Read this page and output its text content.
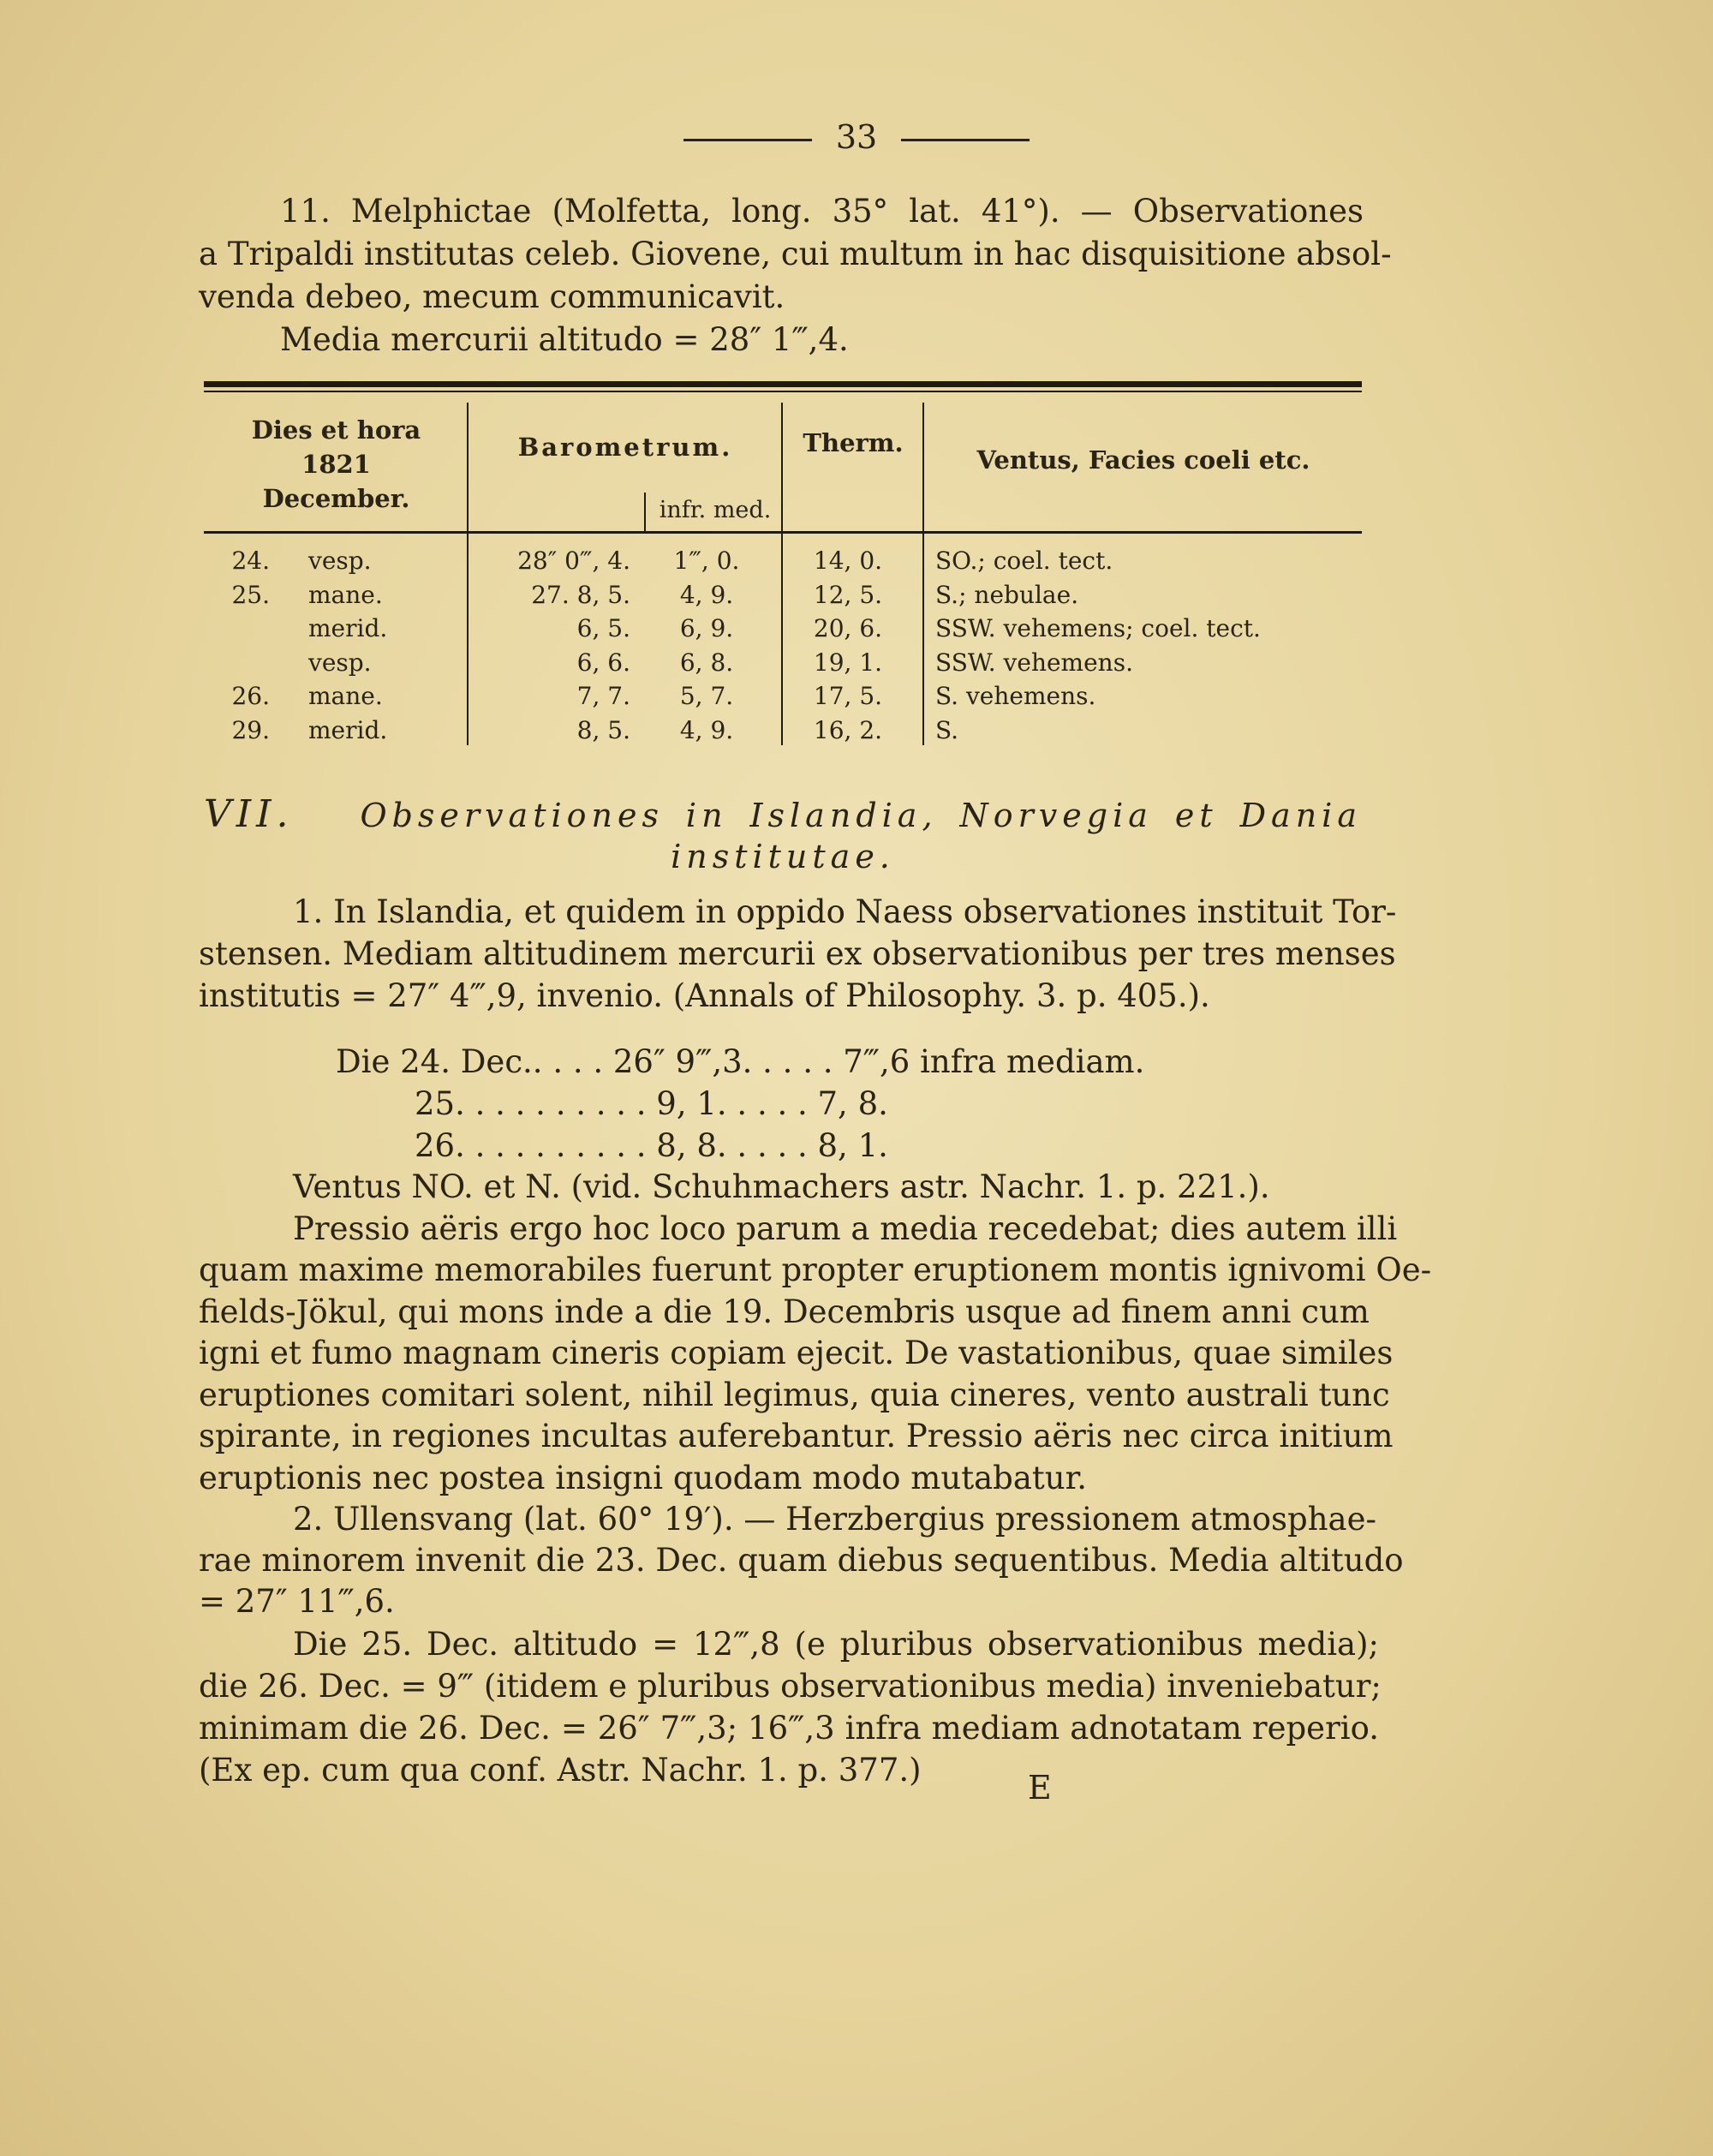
33
11. Melphictae (Molfetta, long. 35° lat. 41°). — Observationes
a Tripaldi institutas celeb. Giovene, cui multum in hac disquisitione absol-
venda debeo, mecum communicavit.
Media mercurii altitudo = 28″ 1‴,4.
Dies et hora
1821
December.
Barometrum.
infr. med.
Therm.
Ventus, Facies coeli etc.
24. vesp.	28″ 0‴, 4.	1‴, 0.	14, 0.	SO.; coel. tect.
25. mane.	27. 8, 5.	4, 9.	12, 5.	S.; nebulae.
merid.	6, 5.	6, 9.	20, 6.	SSW. vehemens; coel. tect.
vesp.	6, 6.	6, 8.	19, 1.	SSW. vehemens.
26. mane.	7, 7.	5, 7.	17, 5.	S. vehemens.
29. merid.	8, 5.	4, 9.	16, 2.	S.
VII. Observationes in Islandia, Norvegia et Dania
institutae.
1. In Islandia, et quidem in oppido Naess observationes instituit Tor-
stensen. Mediam altitudinem mercurii ex observationibus per tres menses
institutis = 27″ 4‴,9, invenio. (Annals of Philosophy. 3. p. 405.).
Die 24. Dec.. . . . 26″ 9‴,3. . . . . 7‴,6 infra mediam.
25. . . . . . . . . . 9, 1. . . . . 7, 8.
26. . . . . . . . . . 8, 8. . . . . 8, 1.
Ventus NO. et N. (vid. Schuhmachers astr. Nachr. 1. p. 221.).
Pressio aëris ergo hoc loco parum a media recedebat; dies autem illi
quam maxime memorabiles fuerunt propter eruptionem montis ignivomi Oe-
fields-Jökul, qui mons inde a die 19. Decembris usque ad finem anni cum
igni et fumo magnam cineris copiam ejecit. De vastationibus, quae similes
eruptiones comitari solent, nihil legimus, quia cineres, vento australi tunc
spirante, in regiones incultas auferebantur. Pressio aëris nec circa initium
eruptionis nec postea insigni quodam modo mutabatur.
2. Ullensvang (lat. 60° 19′). — Herzbergius pressionem atmosphae-
rae minorem invenit die 23. Dec. quam diebus sequentibus. Media altitudo
= 27″ 11‴,6.
Die 25. Dec. altitudo = 12‴,8 (e pluribus observationibus media);
die 26. Dec. = 9‴ (itidem e pluribus observationibus media) inveniebatur;
minimam die 26. Dec. = 26″ 7‴,3; 16‴,3 infra mediam adnotatam reperio.
(Ex ep. cum qua conf. Astr. Nachr. 1. p. 377.)	E
